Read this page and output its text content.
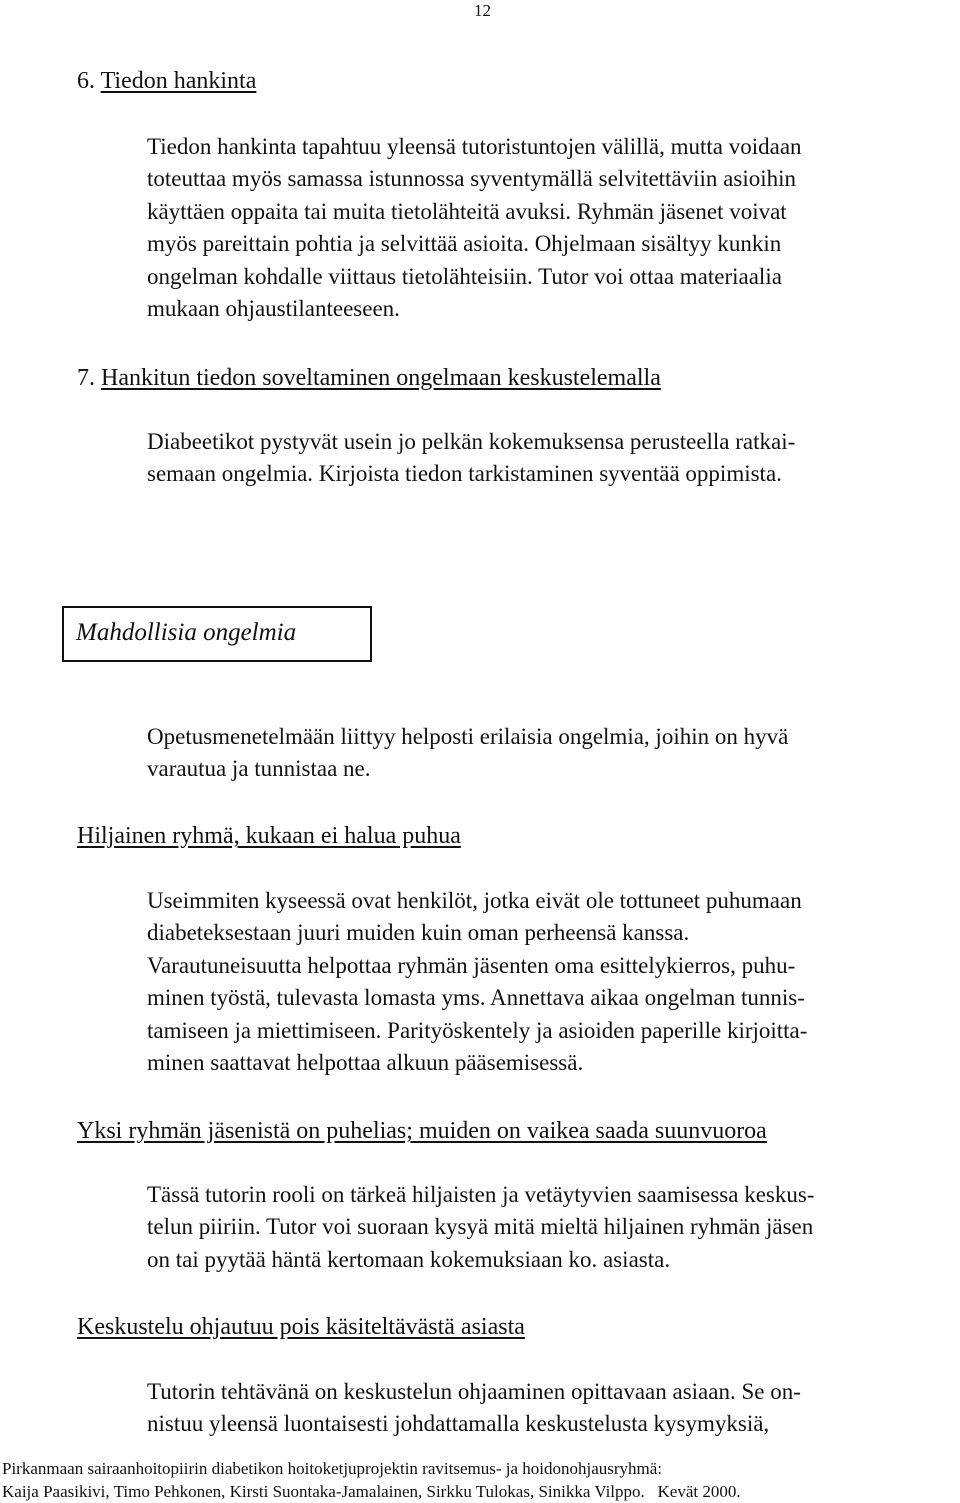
12
6. Tiedon hankinta
Tiedon hankinta tapahtuu yleensä tutoristuntojen välillä, mutta voidaan
toteuttaa myös samassa istunnossa syventymällä selvitettäviin asioihin
käyttäen oppaita tai muita tietolähteitä avuksi. Ryhmän jäsenet voivat
myös pareittain pohtia ja selvittää asioita. Ohjelmaan sisältyy kunkin
ongelman kohdalle viittaus tietolähteisiin. Tutor voi ottaa materiaalia
mukaan ohjaustilanteeseen.
7. Hankitun tiedon soveltaminen ongelmaan keskustelemalla
Diabeetikot pystyvät usein jo pelkän kokemuksensa perusteella ratkai-
semaan ongelmia. Kirjoista tiedon tarkistaminen syventää oppimista.
Mahdollisia ongelmia
Opetusmenetelmään liittyy helposti erilaisia ongelmia, joihin on hyvä
varautua ja tunnistaa ne.
Hiljainen ryhmä, kukaan ei halua puhua
Useimmiten kyseessä ovat henkilöt, jotka eivät ole tottuneet puhumaan
diabeteksestaan juuri muiden kuin oman perheensä kanssa.
Varautuneisuutta helpottaa ryhmän jäsenten oma esittelykierros, puhu-
minen työstä, tulevasta lomasta yms. Annettava aikaa ongelman tunnis-
tamiseen ja miettimiseen. Parityöskentely ja asioiden paperille kirjoitta-
minen saattavat helpottaa alkuun pääsemisessä.
Yksi ryhmän jäsenistä on puhelias; muiden on vaikea saada suunvuoroa
Tässä tutorin rooli on tärkeä hiljaisten ja vetäytyvien saamisessa keskus-
telun piiriin. Tutor voi suoraan kysyä mitä mieltä hiljainen ryhmän jäsen
on tai pyytää häntä kertomaan kokemuksiaan ko. asiasta.
Keskustelu ohjautuu pois käsiteltävästä asiasta
Tutorin tehtävänä on keskustelun ohjaaminen opittavaan asiaan. Se on-
nistuu yleensä luontaisesti johdattamalla keskustelusta kysymyksiä,
Pirkanmaan sairaanhoitopiirin diabetikon hoitoketjuprojektin ravitsemus- ja hoidonohjausryhmä:
Kaija Paasikivi, Timo Pehkonen, Kirsti Suontaka-Jamalainen, Sirkku Tulokas, Sinikka Vilppo.   Kevät 2000.
